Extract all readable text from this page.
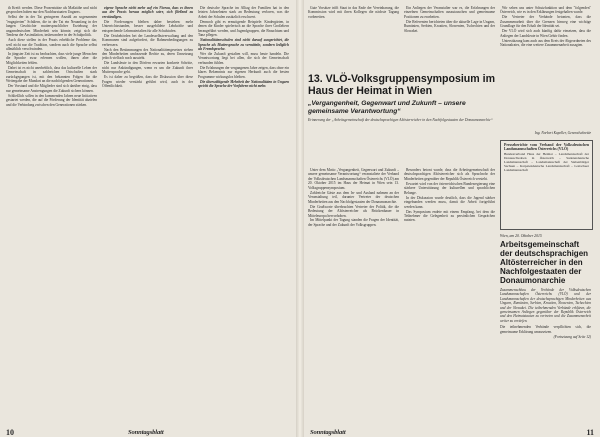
th Kreift werden. Diese Prozentsätze als Maßstäbe und nicht gesprochen haben nur den Nachbarstaaten Ungarns.

Selbst der in der Tat geringeren Anzahl an sogenannten "engagierten" Schülern, die in der Tat ein Neuanfang in der langen Geschichte muttersprachlicher Erziehung der ungarndeutschen Minderheit sein könnte, zeigt sich die Tendenz der Assimilation, insbesondere in der Schulpolitik.

Auch diese stellen in der Praxis erhebliche Probleme dar, weil nicht nur die Tradition, sondern auch die Sprache selbst allmählich verschwinden.

In jüngster Zeit ist zu beobachten, dass viele junge Menschen die Sprache zwar erlernen wollen, ihnen aber die Möglichkeiten fehlen.

Dabei ist es nicht unerheblich, dass das kulturelle Leben der Gemeinschaft in zahlreichen Ortschaften stark zurückgegangen ist, mit den bekannten Folgen für die Weitergabe der Mundart an die nachfolgenden Generationen.

Der Vorstand und die Mitglieder sind sich darüber einig, dass nur gemeinsame Anstrengungen die Zukunft sichern können.

Schließlich sollen in den kommenden Jahren neue Initiativen gestartet werden, die auf die Förderung der Identität abzielen und die Verbindung zwischen den Generationen stärken.

eigene Sprache nicht mehr auf ein Niveau, dass es ihnen aus der Praxis heraus möglich wäre, sich fließend zu verständigen.

Die Forderungen bleiben daher bestehen: mehr Unterrichtsstunden, besser ausgebildete Lehrkräfte und entsprechende Lehrmaterialien für alle Schulstufen.

Die Ortsbehörden bei der Landesselbstverwaltung und den Kommunen sind aufgefordert, die Rahmenbedingungen zu verbessern.

Nach den Bestimmungen des Nationalitätengesetzes stehen den Minderheiten umfassende Rechte zu, deren Umsetzung jedoch vielfach noch aussteht.

Die Landsleute in den Dörfern erwarten konkrete Schritte, nicht nur Ankündigungen, wenn es um die Zukunft ihrer Muttersprache geht.

Es ist daher zu begrüßen, dass die Diskussion über diese Fragen wieder verstärkt geführt wird, auch in der Öffentlichkeit.

Die deutsche Sprache im Alltag der Familien hat in den letzten Jahrzehnten stark an Bedeutung verloren, was die Arbeit der Schulen zusätzlich erschwert.

Dennoch gibt es ermutigende Beispiele: Kindergärten, in denen die Kinder spielerisch an die Sprache ihrer Großeltern herangeführt werden, und Jugendgruppen, die Brauchtum und Tanz pflegen.

Nationalitätenschulen sind nicht darauf ausgerichtet, die Sprache als Muttersprache zu vermitteln, sondern lediglich als Fremdsprache.

Wer die Zukunft gestalten will, muss heute handeln. Die Verantwortung liegt bei allen, die sich der Gemeinschaft verbunden fühlen.

Die Erfahrungen der vergangenen Jahre zeigen, dass ohne ein klares Bekenntnis zur eigenen Herkunft auch die besten Programme wirkungslos bleiben.

Die überwältigende Mehrheit der Nationalitäten in Ungarn spricht die Sprache der Vorfahren nicht mehr.

10	Sonntagsblatt

Gute Vorsätze trifft Staat in das Ende der Vereinbarung, die Kommission wird mit ihren Kollegen die nächste Tagung vorbereiten.

13. VLÖ-Volksgruppensymposium im Haus der Heimat in Wien
„Vergangenheit, Gegenwart und Zukunft – unsere gemeinsame Verantwortung“
Erinnerung der „Arbeitsgemeinschaft der deutschsprachigen Altösterreicher in den Nachfolgestaaten der Donaumonarchie“

Unter dem Motto „Vergangenheit, Gegenwart und Zukunft – unsere gemeinsame Verantwortung“ veranstaltete der Verband der Volksdeutschen Landsmannschaften Österreichs (VLÖ) am 20. Oktober 2015 im Haus der Heimat in Wien sein 13. Volksgruppensymposium.

Zahlreiche Gäste aus dem In- und Ausland nahmen an der Veranstaltung teil, darunter Vertreter der deutschen Minderheiten aus den Nachfolgestaaten der Donaumonarchie.

Die Grußworte überbrachten Vertreter der Politik, die die Bedeutung der Altösterreicher als Brückenbauer in Mitteleuropa hervorhoben.

Im Mittelpunkt der Tagung standen die Fragen der Identität, der Sprache und der Zukunft der Volksgruppen.

Ein Anliegen der Veranstalter war es, die Erfahrungen der einzelnen Gemeinschaften auszutauschen und gemeinsame Positionen zu erarbeiten.

Die Referenten berichteten über die aktuelle Lage in Ungarn, Rumänien, Serbien, Kroatien, Slowenien, Tschechien und der Slowakei.

Besonders betont wurde, dass die Arbeitsgemeinschaft der deutschsprachigen Altösterreicher sich als Sprachrohr der Minderheiten gegenüber der Republik Österreich versteht.

Erwartet wird von der österreichischen Bundesregierung eine stärkere Unterstützung der kulturellen und sprachlichen Belange.

In der Diskussion wurde deutlich, dass die Jugend stärker eingebunden werden muss, damit die Arbeit fortgeführt werden kann.

Das Symposium endete mit einem Empfang, bei dem die Teilnehmer die Gelegenheit zu persönlichen Gesprächen nutzten.

Wir sehen uns unter Schutzfunktion und dem "folgenden" Österreich, wie es in den Erklärungen festgehalten wurde.

Die Vertreter der Verbände betonten, dass die Zusammenarbeit über die Grenzen hinweg eine wichtige Grundlage für den Erhalt der Identität sei.

Der VLÖ wird sich auch künftig dafür einsetzen, dass die Anliegen der Landsleute in Wien Gehör finden.

Unterstützung kam auch aus dem Kreis der Abgeordneten des Nationalrates, die eine weitere Zusammenarbeit zusagten.

Ing. Norbert Kapeller, Generalsekretär
Presseberichte vom Verband der Volksdeutschen Landsmannschaften Österreichs (VLÖ)
Bundesverband Haus der Heimat – Landsmannschaft der Donauschwaben in Österreich – Sudetendeutsche Landsmannschaft – Landsmannschaft der Siebenbürger Sachsen – Karpatendeutsche Landsmannschaft – Gottscheer Landsmannschaft
Wien, am 20. Oktober 2015
Arbeitsgemeinschaft der deutschsprachigen Altösterreicher in den Nachfolgestaaten der Donaumonarchie
Zusammenschluss der Verbände der Volksdeutschen Landsmannschaften Österreichs (VLÖ) und der Landsmannschaften der deutschsprachigen Minderheiten aus Ungarn, Rumänien, Serbien, Kroatien, Slowenien, Tschechien und der Slowakei. Die teilnehmenden Verbände erklären, die gemeinsamen Anliegen gegenüber der Republik Österreich und den Heimatstaaten zu vertreten und die Zusammenarbeit weiter zu vertiefen.
Die teilnehmenden Verbände verpflichten sich, die gemeinsame Erklärung umzusetzen.
(Fortsetzung auf Seite 12)
Sonntagsblatt	11
